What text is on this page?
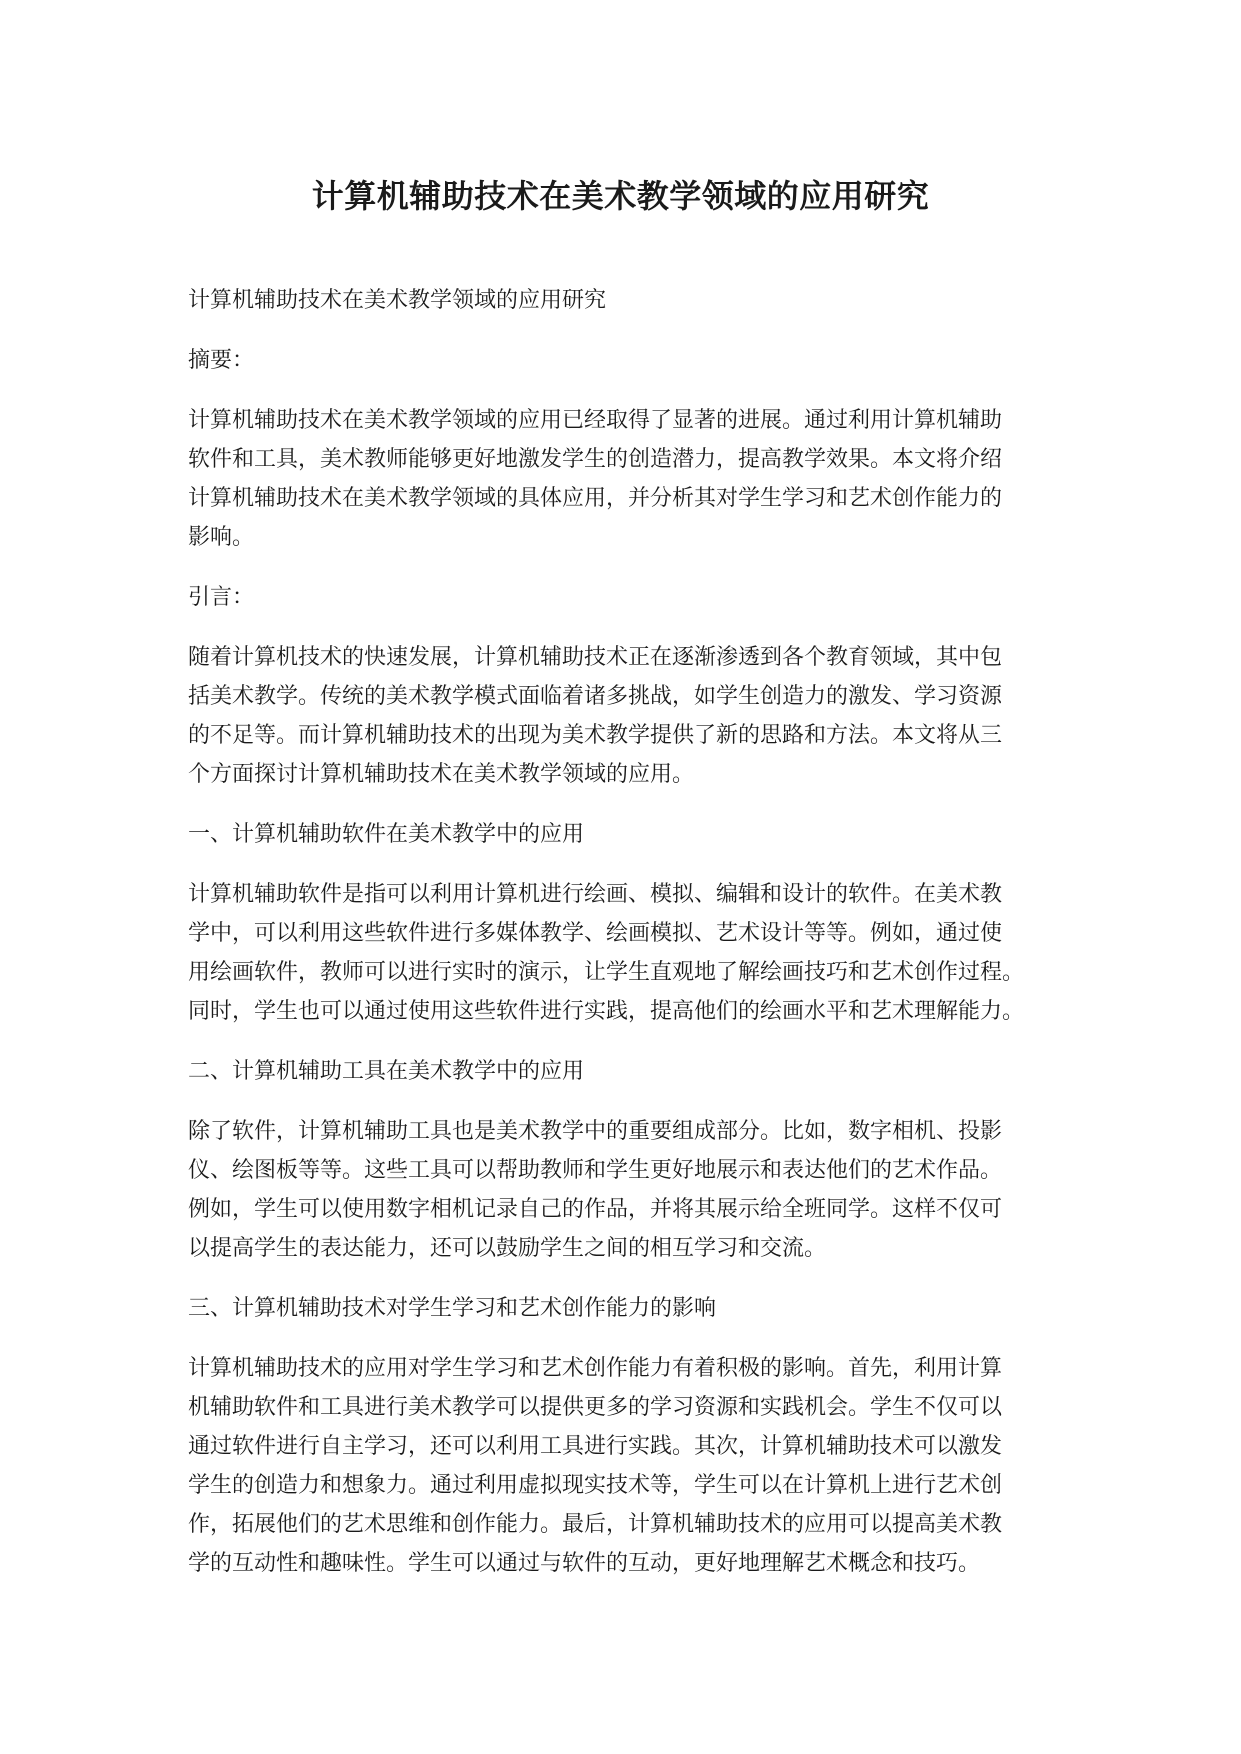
计算机辅助技术在美术教学领域的应用研究

计算机辅助技术在美术教学领域的应用研究

摘要：

计算机辅助技术在美术教学领域的应用已经取得了显著的进展。通过利用计算机辅助
软件和工具，美术教师能够更好地激发学生的创造潜力，提高教学效果。本文将介绍
计算机辅助技术在美术教学领域的具体应用，并分析其对学生学习和艺术创作能力的
影响。

引言：

随着计算机技术的快速发展，计算机辅助技术正在逐渐渗透到各个教育领域，其中包
括美术教学。传统的美术教学模式面临着诸多挑战，如学生创造力的激发、学习资源
的不足等。而计算机辅助技术的出现为美术教学提供了新的思路和方法。本文将从三
个方面探讨计算机辅助技术在美术教学领域的应用。

一、计算机辅助软件在美术教学中的应用

计算机辅助软件是指可以利用计算机进行绘画、模拟、编辑和设计的软件。在美术教
学中，可以利用这些软件进行多媒体教学、绘画模拟、艺术设计等等。例如，通过使
用绘画软件，教师可以进行实时的演示，让学生直观地了解绘画技巧和艺术创作过程。
同时，学生也可以通过使用这些软件进行实践，提高他们的绘画水平和艺术理解能力。

二、计算机辅助工具在美术教学中的应用

除了软件，计算机辅助工具也是美术教学中的重要组成部分。比如，数字相机、投影
仪、绘图板等等。这些工具可以帮助教师和学生更好地展示和表达他们的艺术作品。
例如，学生可以使用数字相机记录自己的作品，并将其展示给全班同学。这样不仅可
以提高学生的表达能力，还可以鼓励学生之间的相互学习和交流。

三、计算机辅助技术对学生学习和艺术创作能力的影响

计算机辅助技术的应用对学生学习和艺术创作能力有着积极的影响。首先，利用计算
机辅助软件和工具进行美术教学可以提供更多的学习资源和实践机会。学生不仅可以
通过软件进行自主学习，还可以利用工具进行实践。其次，计算机辅助技术可以激发
学生的创造力和想象力。通过利用虚拟现实技术等，学生可以在计算机上进行艺术创
作，拓展他们的艺术思维和创作能力。最后，计算机辅助技术的应用可以提高美术教
学的互动性和趣味性。学生可以通过与软件的互动，更好地理解艺术概念和技巧。
